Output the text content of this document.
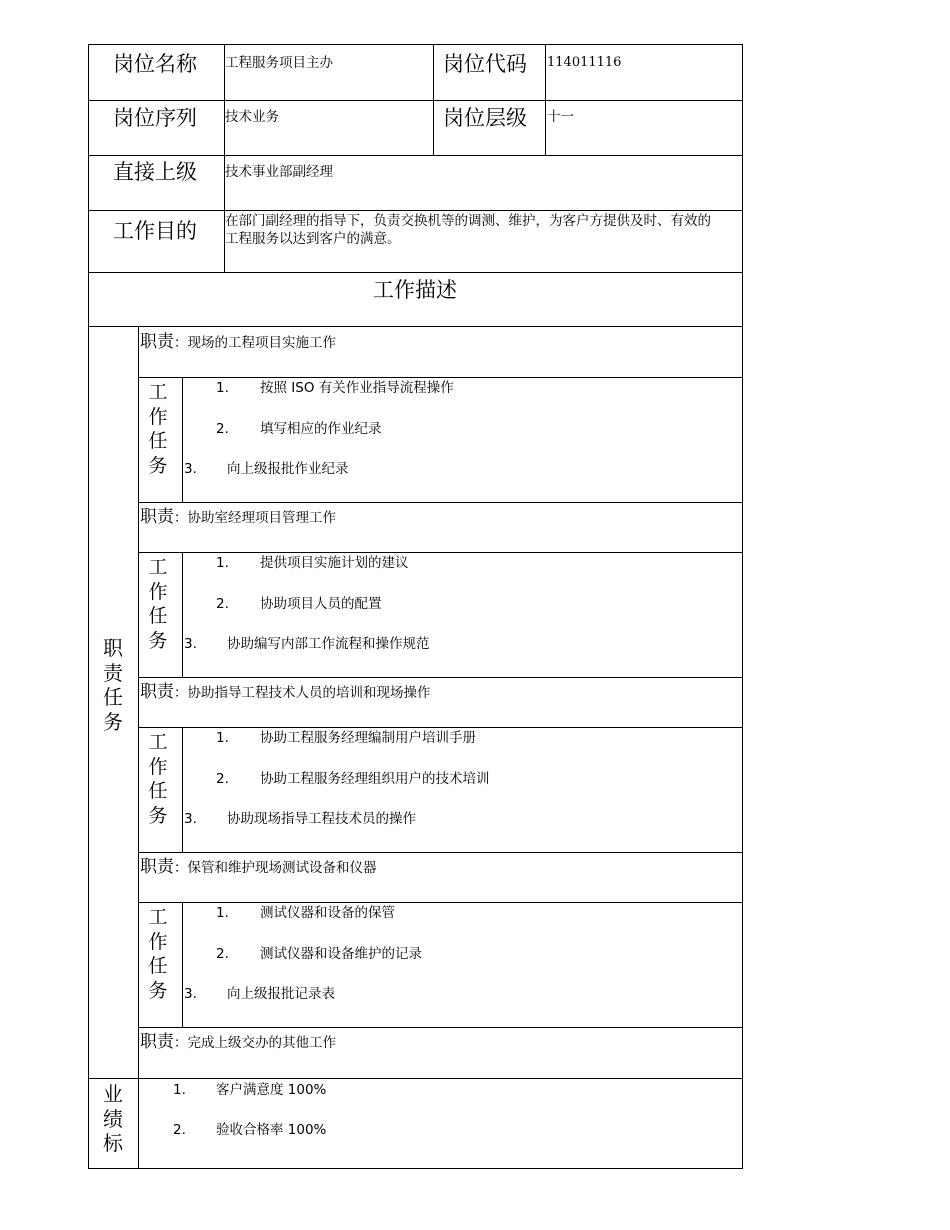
岗位名称 工程服务项目主办	岗位代码 114011116
岗位序列 技术业务	岗位层级 十一
直接上级 技术事业部副经理
工作目的 在部门副经理的指导下，负责交换机等的调测、维护，为客户方提供及时、有效的
工程服务以达到客户的满意。
工作描述
职责任务
职责：现场的工程项目实施工作
工作任务
1. 按照 ISO 有关作业指导流程操作
2. 填写相应的作业纪录
3. 向上级报批作业纪录
职责：协助室经理项目管理工作
工作任务
1. 提供项目实施计划的建议
2. 协助项目人员的配置
3. 协助编写内部工作流程和操作规范
职责：协助指导工程技术人员的培训和现场操作
工作任务
1. 协助工程服务经理编制用户培训手册
2. 协助工程服务经理组织用户的技术培训
3. 协助现场指导工程技术员的操作
职责：保管和维护现场测试设备和仪器
工作任务
1. 测试仪器和设备的保管
2. 测试仪器和设备维护的记录
3. 向上级报批记录表
职责：完成上级交办的其他工作
业绩标
1. 客户满意度 100%
2. 验收合格率 100%
